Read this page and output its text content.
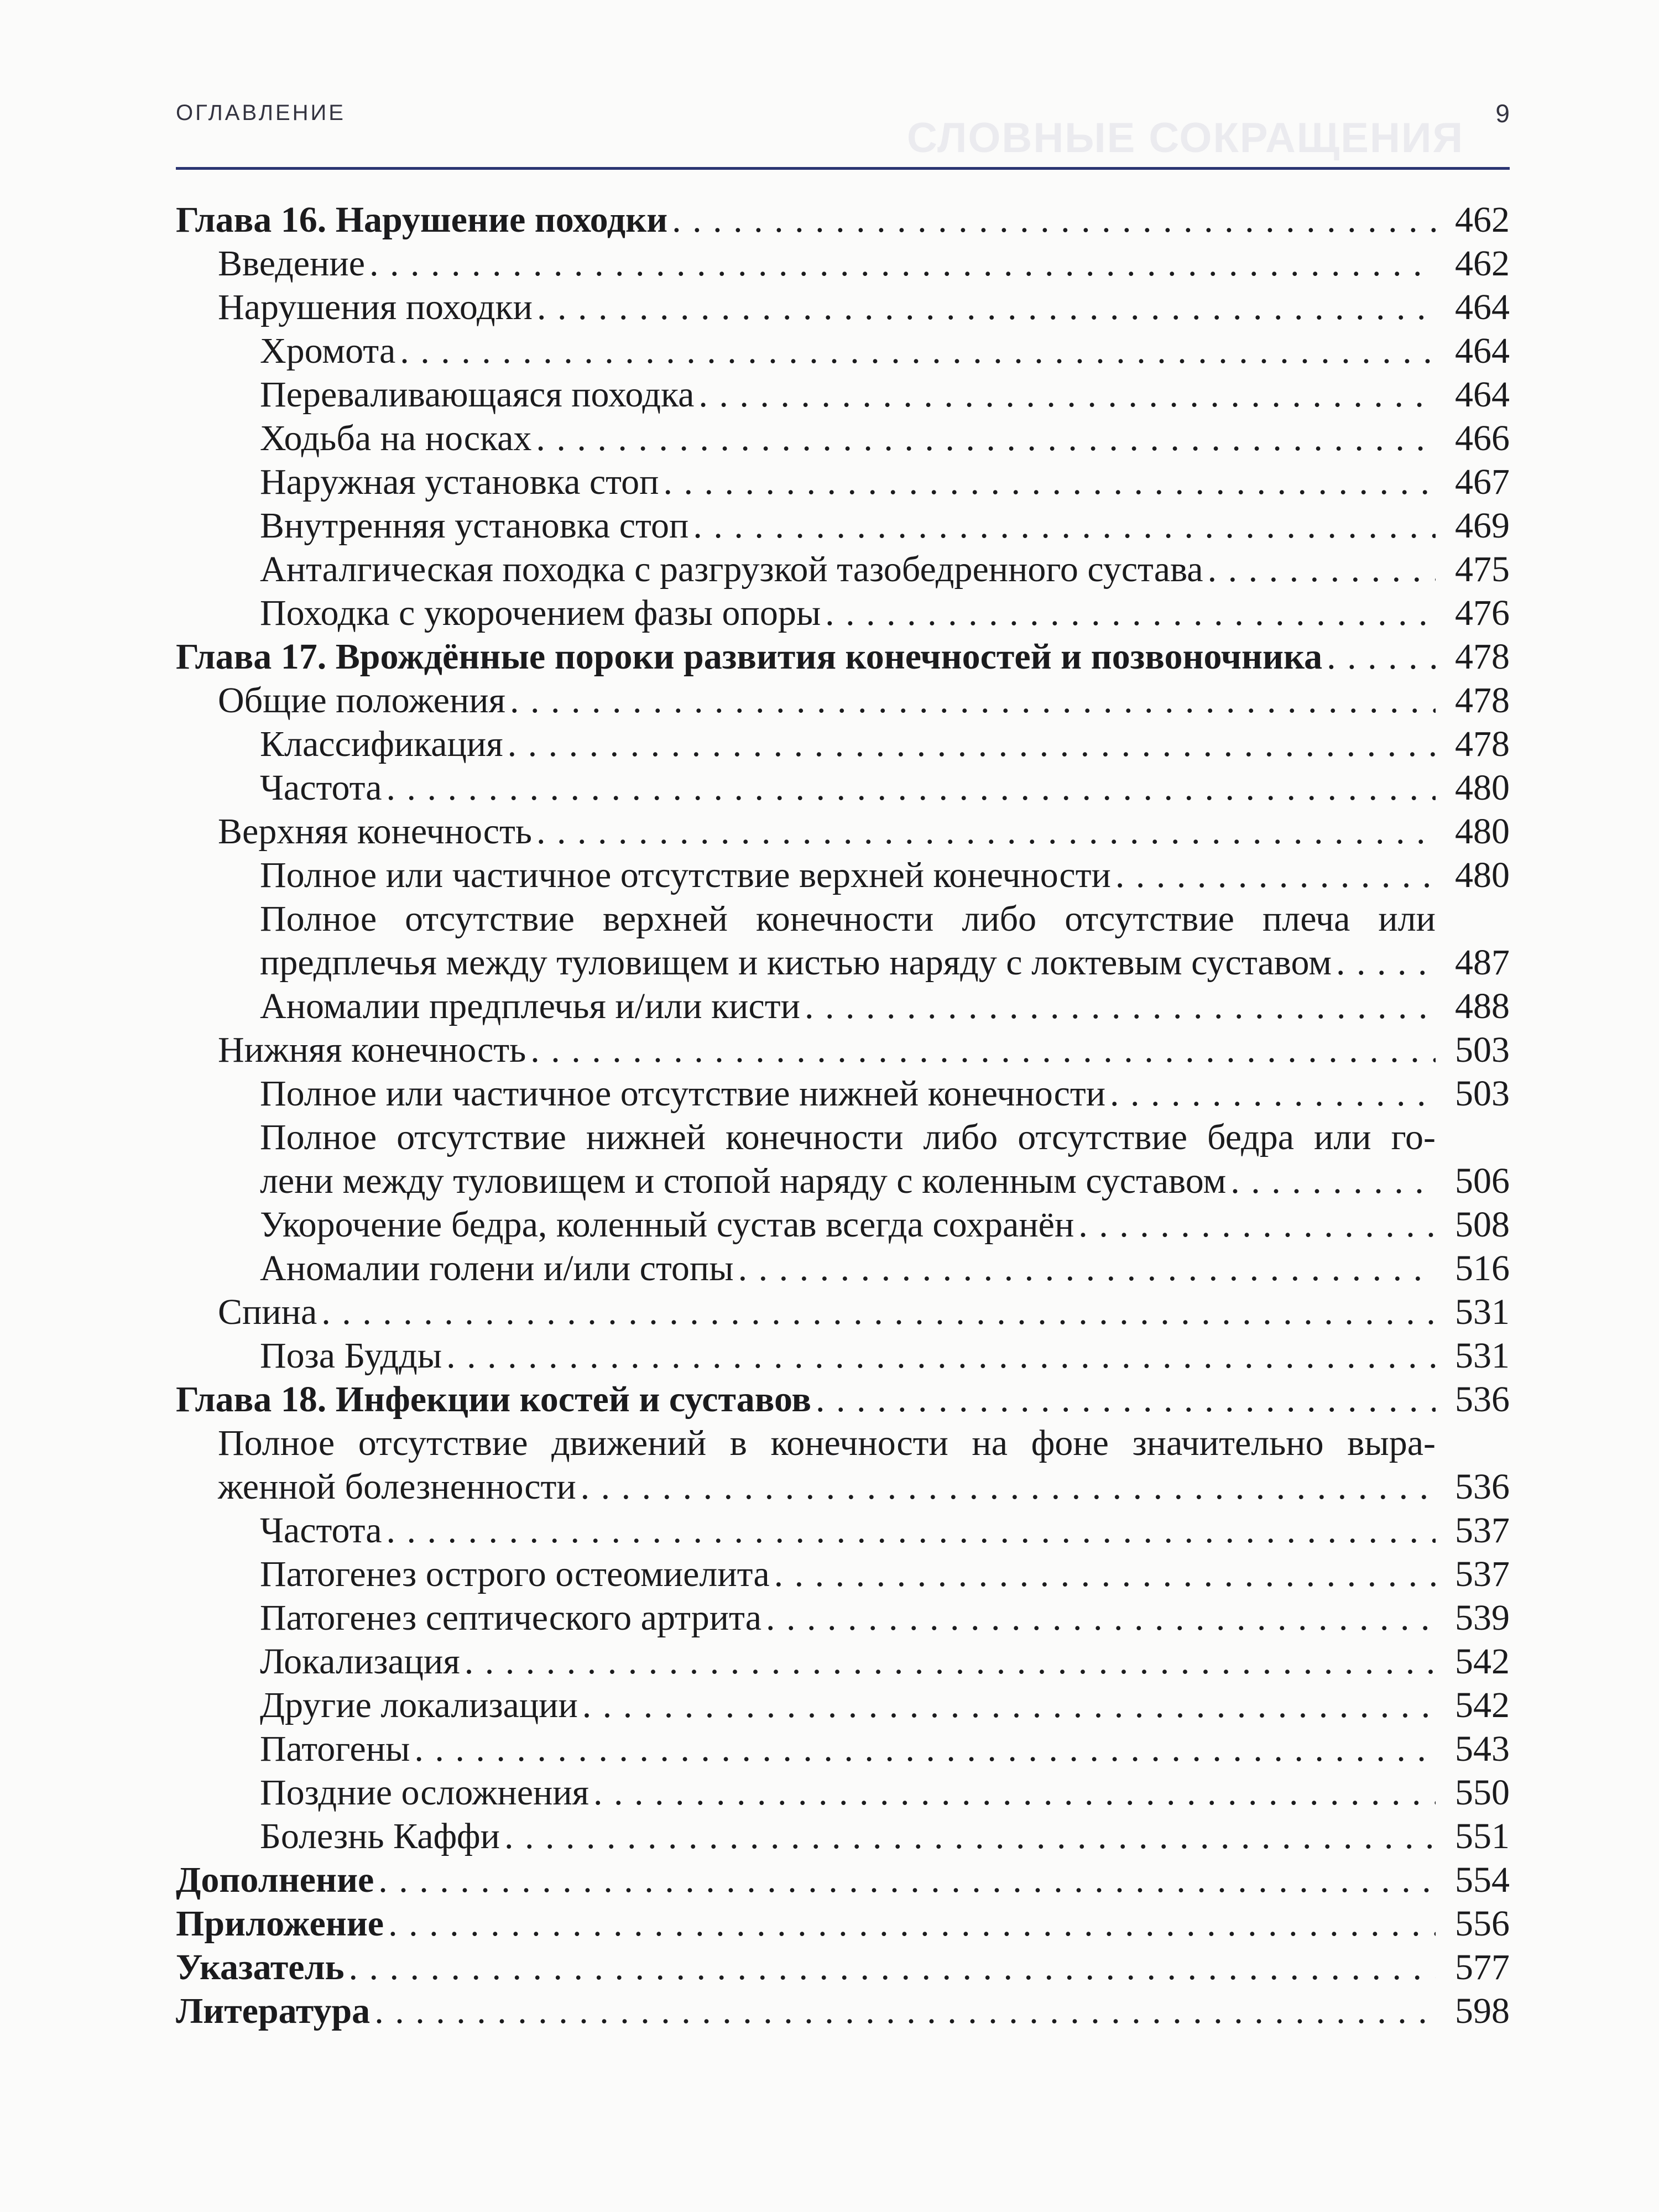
СЛОВНЫЕ СОКРАЩЕНИЯ
ОГЛАВЛЕНИЕ	9
Глава 16. Нарушение походки . . .	462
Введение . . .	462
Нарушения походки . . .	464
Хромота . . .	464
Переваливающаяся походка . . .	464
Ходьба на носках . . .	466
Наружная установка стоп . . .	467
Внутренняя установка стоп . . .	469
Анталгическая походка с разгрузкой тазобедренного сустава . . .	475
Походка с укорочением фазы опоры . . .	476
Глава 17. Врождённые пороки развития конечностей и позвоночника . . .	478
Общие положения . . .	478
Классификация . . .	478
Частота . . .	480
Верхняя конечность . . .	480
Полное или частичное отсутствие верхней конечности . . .	480
Полное отсутствие верхней конечности либо отсутствие плеча или
предплечья между туловищем и кистью наряду с локтевым суставом . . .	487
Аномалии предплечья и/или кисти . . .	488
Нижняя конечность . . .	503
Полное или частичное отсутствие нижней конечности . . .	503
Полное отсутствие нижней конечности либо отсутствие бедра или го-
лени между туловищем и стопой наряду с коленным суставом . . .	506
Укорочение бедра, коленный сустав всегда сохранён . . .	508
Аномалии голени и/или стопы . . .	516
Спина . . .	531
Поза Будды . . .	531
Глава 18. Инфекции костей и суставов . . .	536
Полное отсутствие движений в конечности на фоне значительно выра-
женной болезненности . . .	536
Частота . . .	537
Патогенез острого остеомиелита . . .	537
Патогенез септического артрита . . .	539
Локализация . . .	542
Другие локализации . . .	542
Патогены . . .	543
Поздние осложнения . . .	550
Болезнь Каффи . . .	551
Дополнение . . .	554
Приложение . . .	556
Указатель . . .	577
Литература . . .	598
